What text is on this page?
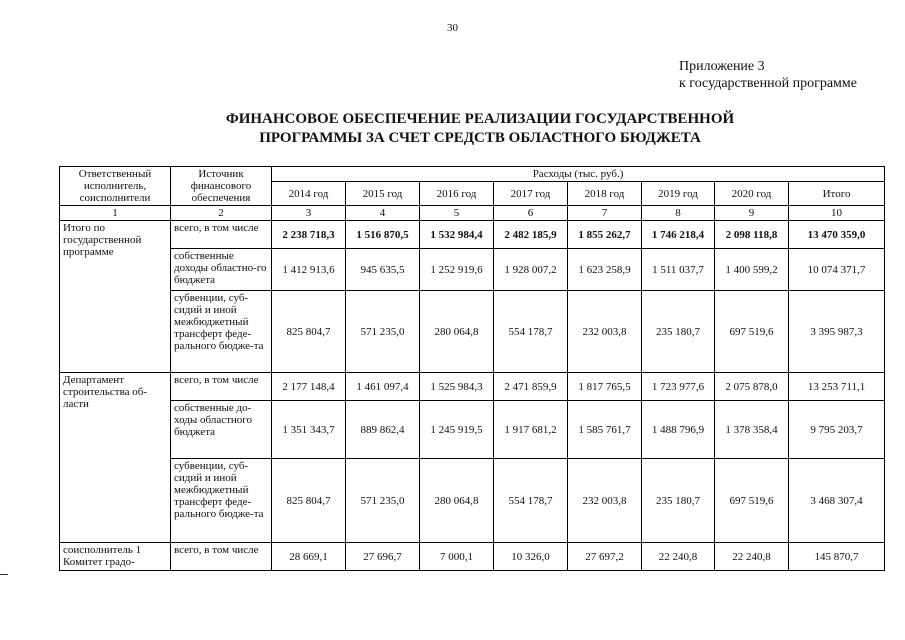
30
Приложение 3
к государственной программе
ФИНАНСОВОЕ ОБЕСПЕЧЕНИЕ РЕАЛИЗАЦИИ ГОСУДАРСТВЕННОЙ
ПРОГРАММЫ ЗА СЧЕТ СРЕДСТВ ОБЛАСТНОГО БЮДЖЕТА
Ответственный исполнитель, соисполнители	Источник финансового обеспечения	Расходы (тыс. руб.)							
		2014 год	2015 год	2016 год	2017 год	2018 год	2019 год	2020 год	Итого
1	2	3	4	5	6	7	8	9	10
Итого по государственной программе	всего, в том числе	2 238 718,3	1 516 870,5	1 532 984,4	2 482 185,9	1 855 262,7	1 746 218,4	2 098 118,8	13 470 359,0
	собственные доходы областно-го бюджета	1 412 913,6	945 635,5	1 252 919,6	1 928 007,2	1 623 258,9	1 511 037,7	1 400 599,2	10 074 371,7
	субвенции, суб-сидий и иной межбюджетный трансферт феде-рального бюдже-та	825 804,7	571 235,0	280 064,8	554 178,7	232 003,8	235 180,7	697 519,6	3 395 987,3
Департамент строительства об-ласти	всего, в том числе	2 177 148,4	1 461 097,4	1 525 984,3	2 471 859,9	1 817 765,5	1 723 977,6	2 075 878,0	13 253 711,1
	собственные до-ходы областного бюджета	1 351 343,7	889 862,4	1 245 919,5	1 917 681,2	1 585 761,7	1 488 796,9	1 378 358,4	9 795 203,7
	субвенции, суб-сидий и иной межбюджетный трансферт феде-рального бюдже-та	825 804,7	571 235,0	280 064,8	554 178,7	232 003,8	235 180,7	697 519,6	3 468 307,4
соисполнитель 1 Комитет градо-	всего, в том числе	28 669,1	27 696,7	7 000,1	10 326,0	27 697,2	22 240,8	22 240,8	145 870,7
